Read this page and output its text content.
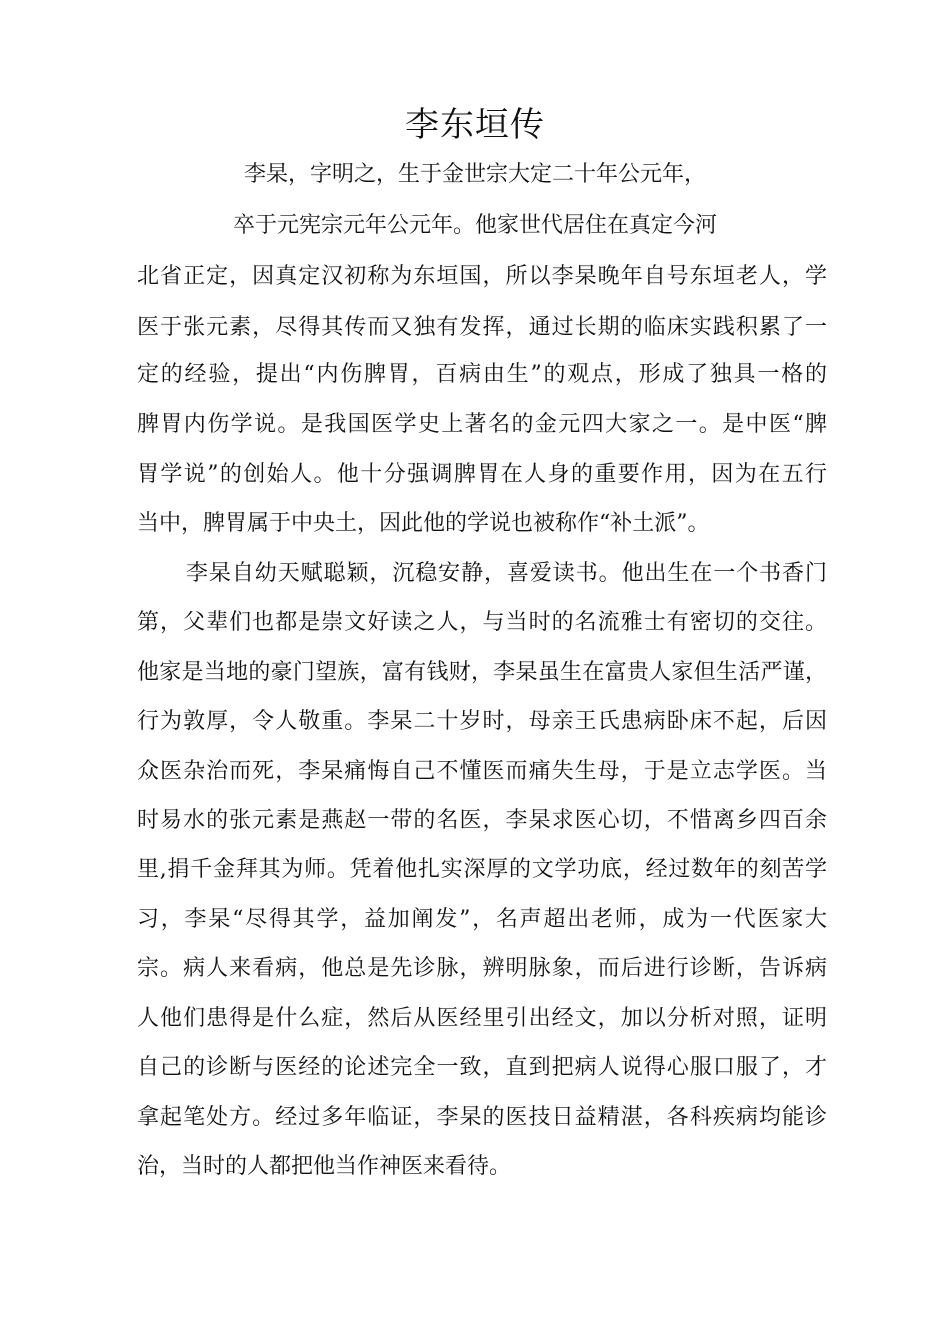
李东垣传
李杲，字明之，生于金世宗大定二十年公元年，
卒于元宪宗元年公元年。他家世代居住在真定今河
北省正定，因真定汉初称为东垣国，所以李杲晚年自号东垣老人，学
医于张元素，尽得其传而又独有发挥，通过长期的临床实践积累了一
定的经验，提出“内伤脾胃，百病由生”的观点，形成了独具一格的
脾胃内伤学说。是我国医学史上著名的金元四大家之一。是中医“脾
胃学说”的创始人。他十分强调脾胃在人身的重要作用，因为在五行
当中，脾胃属于中央土，因此他的学说也被称作“补土派”。
李杲自幼天赋聪颖，沉稳安静，喜爱读书。他出生在一个书香门
第，父辈们也都是崇文好读之人，与当时的名流雅士有密切的交往。
他家是当地的豪门望族，富有钱财，李杲虽生在富贵人家但生活严谨，
行为敦厚，令人敬重。李杲二十岁时，母亲王氏患病卧床不起，后因
众医杂治而死，李杲痛悔自己不懂医而痛失生母，于是立志学医。当
时易水的张元素是燕赵一带的名医，李杲求医心切，不惜离乡四百余
里,捐千金拜其为师。凭着他扎实深厚的文学功底，经过数年的刻苦学
习，李杲“尽得其学，益加阐发”，名声超出老师，成为一代医家大
宗。病人来看病，他总是先诊脉，辨明脉象，而后进行诊断，告诉病
人他们患得是什么症，然后从医经里引出经文，加以分析对照，证明
自己的诊断与医经的论述完全一致，直到把病人说得心服口服了，才
拿起笔处方。经过多年临证，李杲的医技日益精湛，各科疾病均能诊
治，当时的人都把他当作神医来看待。
